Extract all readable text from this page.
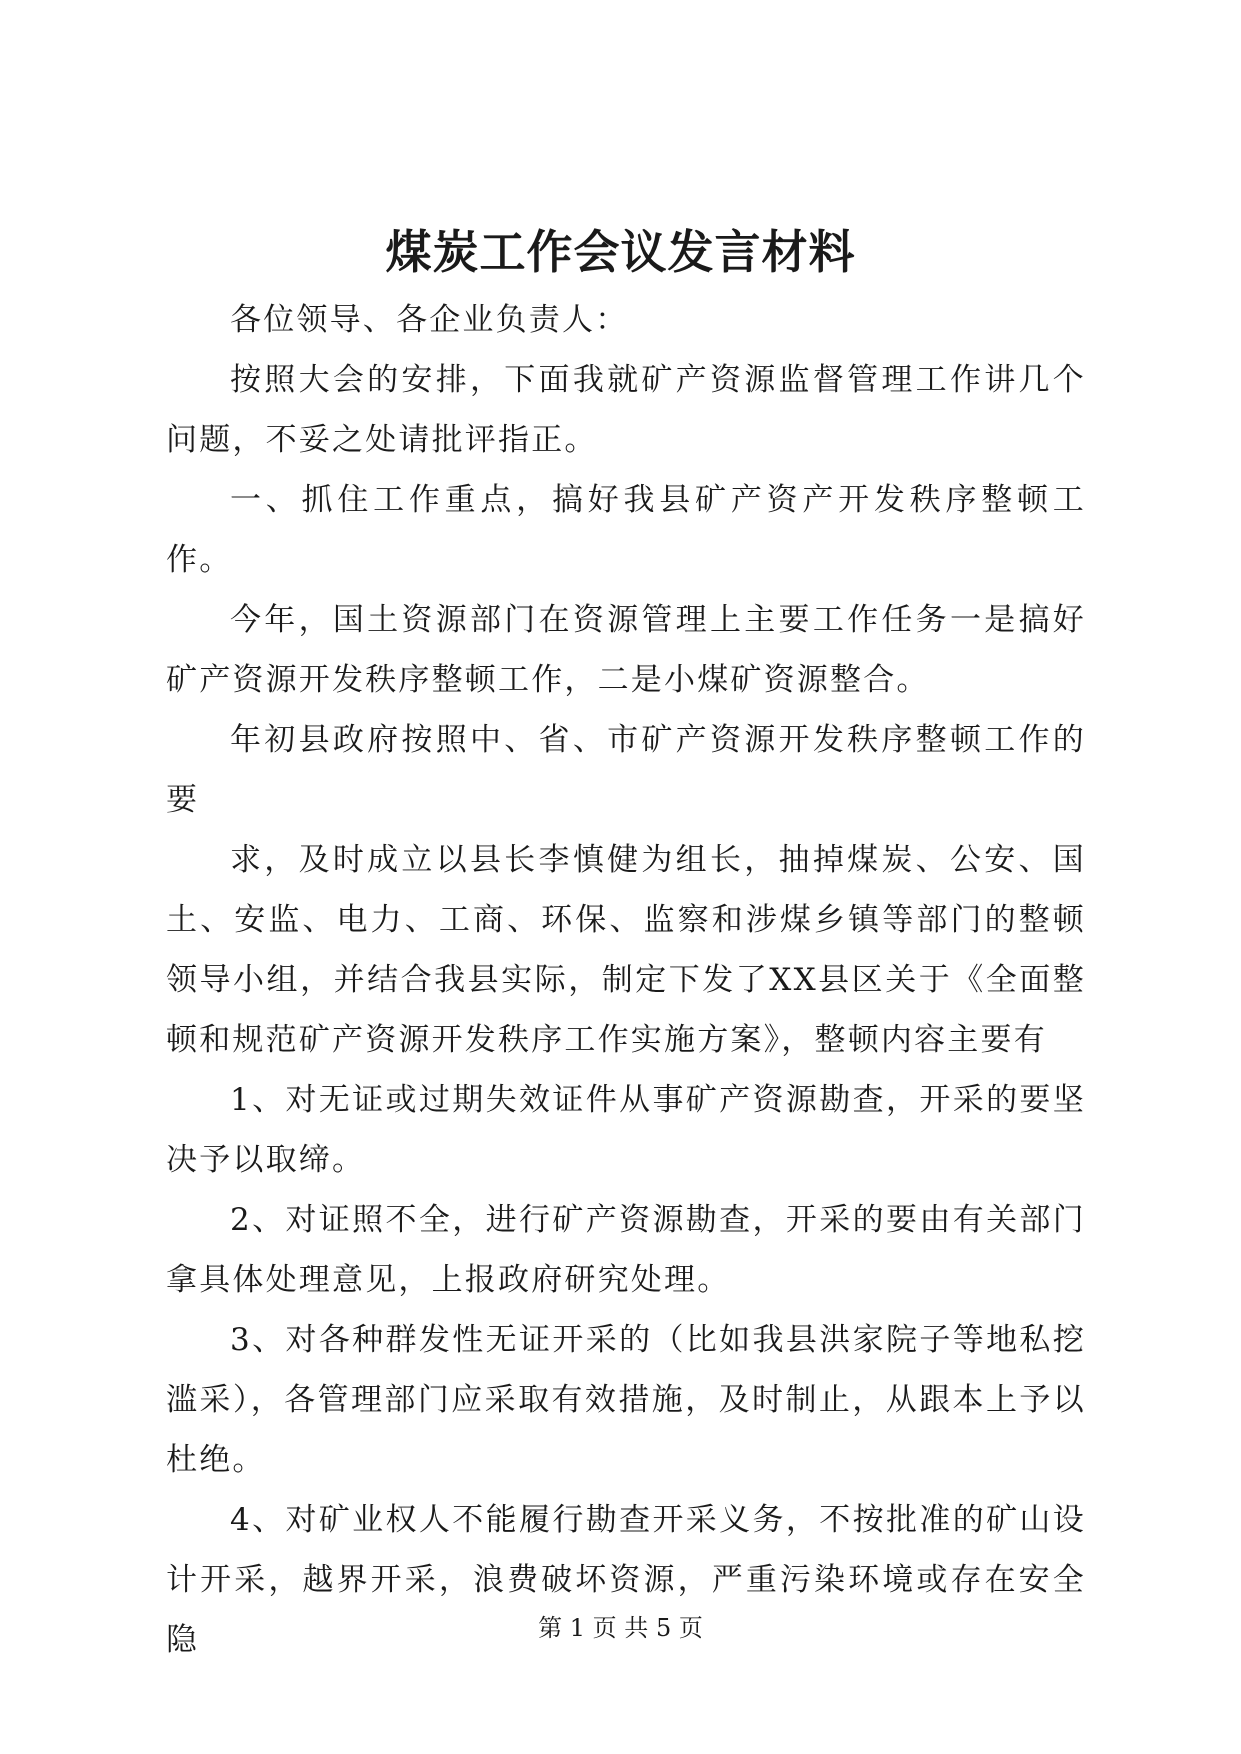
煤炭工作会议发言材料

各位领导、各企业负责人：

按照大会的安排，下面我就矿产资源监督管理工作讲几个问题，不妥之处请批评指正。

一、抓住工作重点，搞好我县矿产资产开发秩序整顿工作。

今年，国土资源部门在资源管理上主要工作任务一是搞好矿产资源开发秩序整顿工作，二是小煤矿资源整合。

年初县政府按照中、省、市矿产资源开发秩序整顿工作的要

求，及时成立以县长李慎健为组长，抽掉煤炭、公安、国土、安监、电力、工商、环保、监察和涉煤乡镇等部门的整顿领导小组，并结合我县实际，制定下发了XX县区关于《全面整顿和规范矿产资源开发秩序工作实施方案》，整顿内容主要有

1、对无证或过期失效证件从事矿产资源勘查，开采的要坚决予以取缔。

2、对证照不全，进行矿产资源勘查，开采的要由有关部门拿具体处理意见，上报政府研究处理。

3、对各种群发性无证开采的（比如我县洪家院子等地私挖滥采），各管理部门应采取有效措施，及时制止，从跟本上予以杜绝。

4、对矿业权人不能履行勘查开采义务，不按批准的矿山设计开采，越界开采，浪费破坏资源，严重污染环境或存在安全隐	第 1 页 共 5 页
